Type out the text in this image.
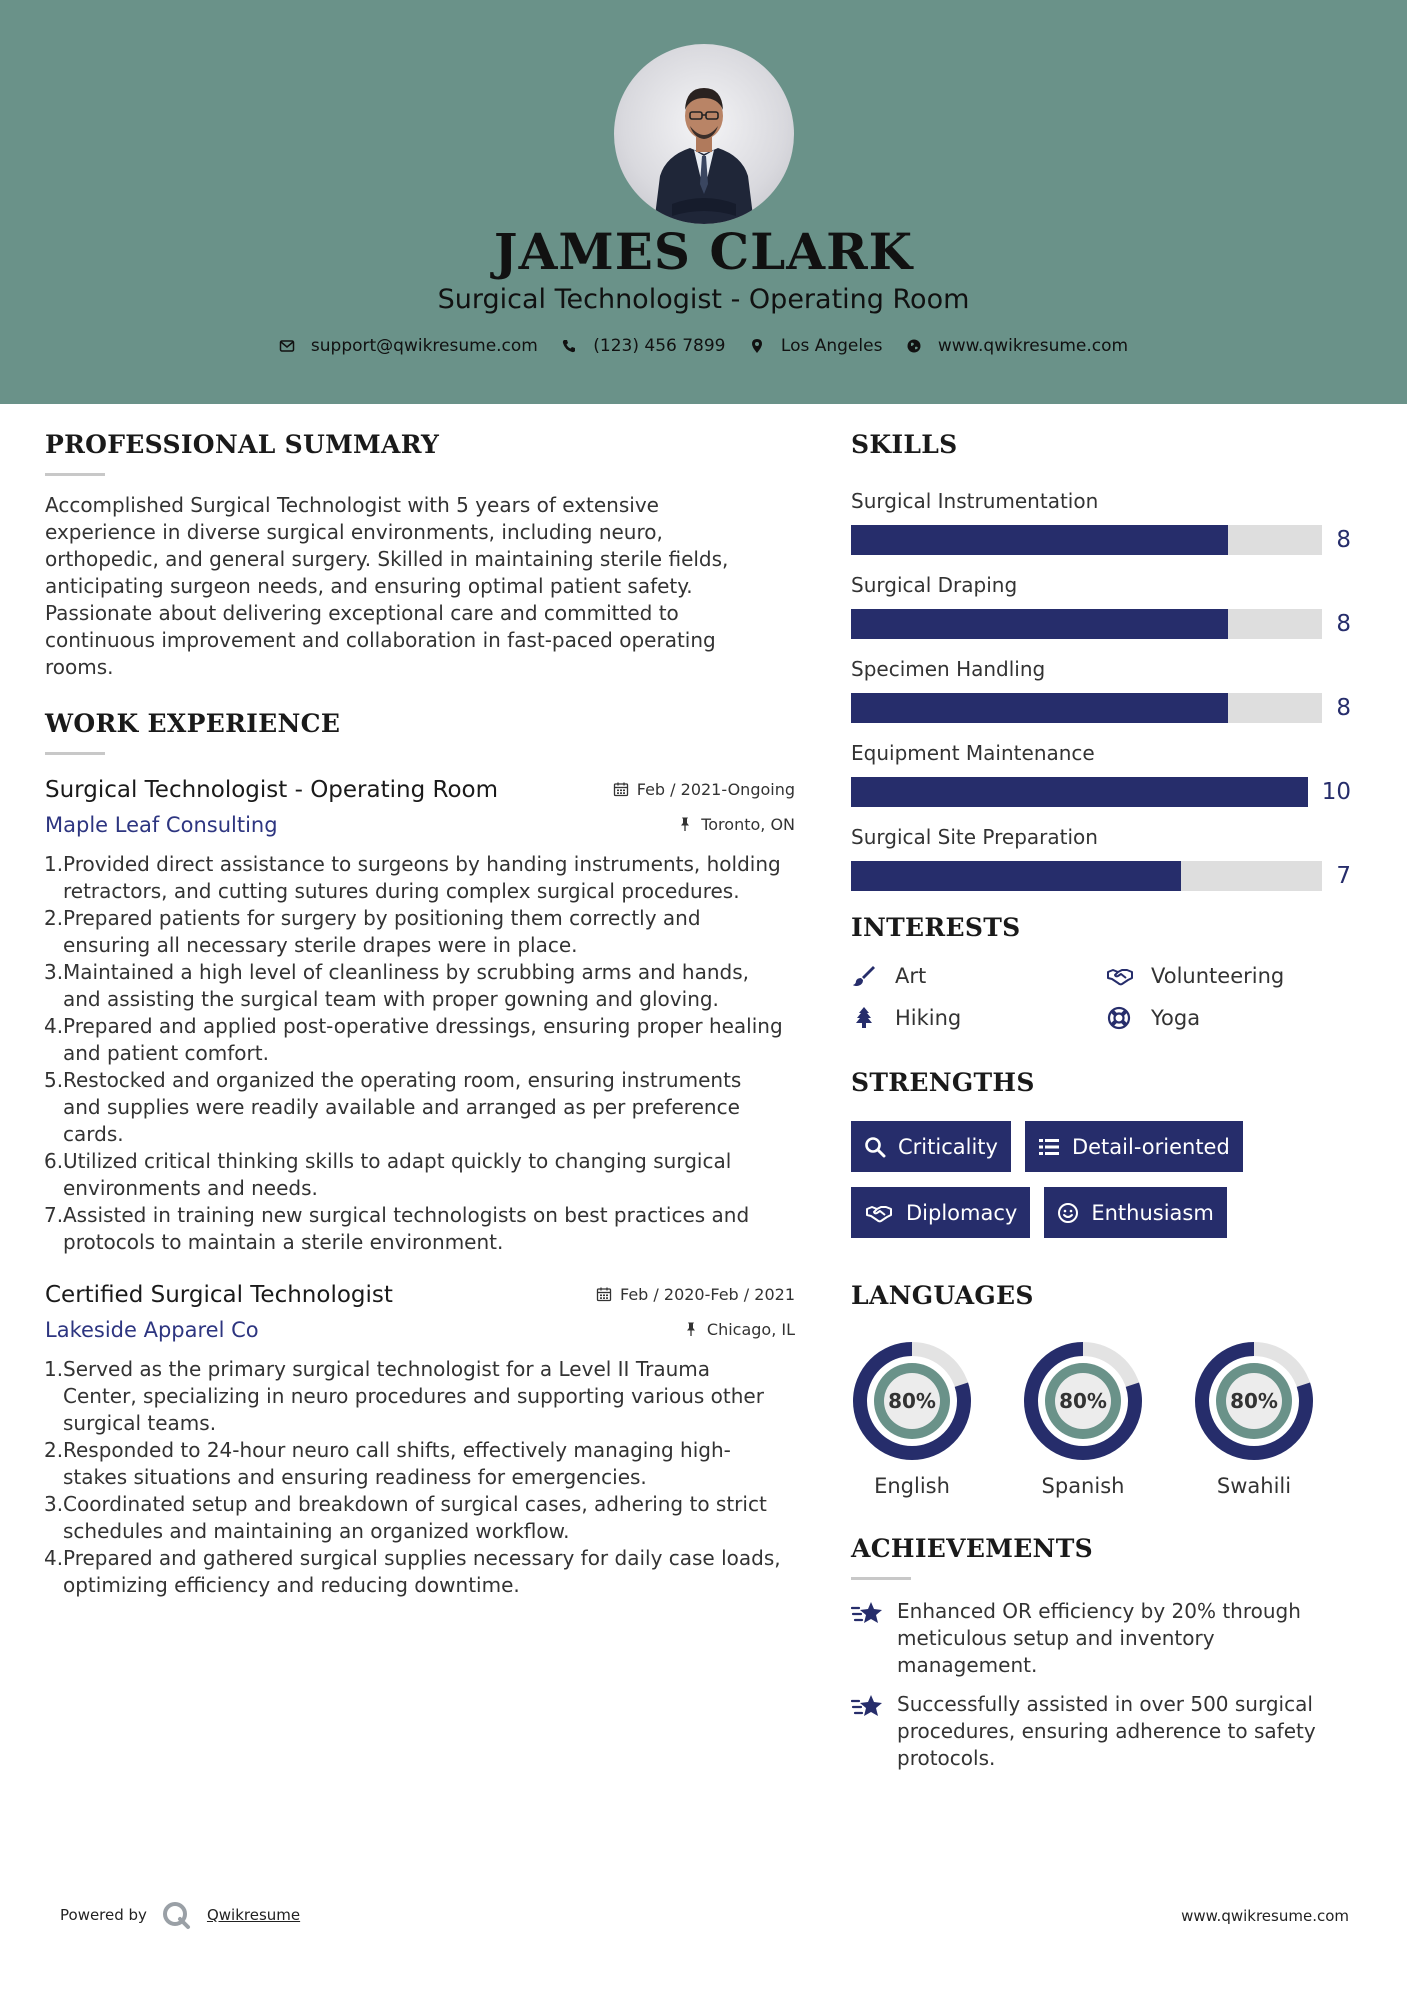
JAMES CLARK
Surgical Technologist - Operating Room
support@qwikresume.com
	(123) 456 7899
	Los Angeles
	www.qwikresume.com
PROFESSIONAL SUMMARY
Accomplished Surgical Technologist with 5 years of extensive experience in diverse surgical environments, including neuro, orthopedic, and general surgery. Skilled in maintaining sterile fields, anticipating surgeon needs, and ensuring optimal patient safety. Passionate about delivering exceptional care and committed to continuous improvement and collaboration in fast-paced operating rooms.
WORK EXPERIENCE
Surgical Technologist - Operating Room	Feb / 2021-Ongoing
Maple Leaf Consulting	Toronto, ON
1. Provided direct assistance to surgeons by handing instruments, holding retractors, and cutting sutures during complex surgical procedures.
2. Prepared patients for surgery by positioning them correctly and ensuring all necessary sterile drapes were in place.
3. Maintained a high level of cleanliness by scrubbing arms and hands, and assisting the surgical team with proper gowning and gloving.
4. Prepared and applied post-operative dressings, ensuring proper healing and patient comfort.
5. Restocked and organized the operating room, ensuring instruments and supplies were readily available and arranged as per preference cards.
6. Utilized critical thinking skills to adapt quickly to changing surgical environments and needs.
7. Assisted in training new surgical technologists on best practices and protocols to maintain a sterile environment.
Certified Surgical Technologist	Feb / 2020-Feb / 2021
Lakeside Apparel Co	Chicago, IL
1. Served as the primary surgical technologist for a Level II Trauma Center, specializing in neuro procedures and supporting various other surgical teams.
2. Responded to 24-hour neuro call shifts, effectively managing high-stakes situations and ensuring readiness for emergencies.
3. Coordinated setup and breakdown of surgical cases, adhering to strict schedules and maintaining an organized workflow.
4. Prepared and gathered surgical supplies necessary for daily case loads, optimizing efficiency and reducing downtime.
SKILLS
Surgical Instrumentation
8
Surgical Draping
8
Specimen Handling
8
Equipment Maintenance
10
Surgical Site Preparation
7
INTERESTS
Art	Volunteering
Hiking	Yoga
STRENGTHS
Criticality	Detail-oriented
Diplomacy	Enthusiasm
LANGUAGES
80%
English
80%
Spanish
80%
Swahili
ACHIEVEMENTS
Enhanced OR efficiency by 20% through meticulous setup and inventory management.
Successfully assisted in over 500 surgical procedures, ensuring adherence to safety protocols.
Powered by	Qwikresume	www.qwikresume.com
